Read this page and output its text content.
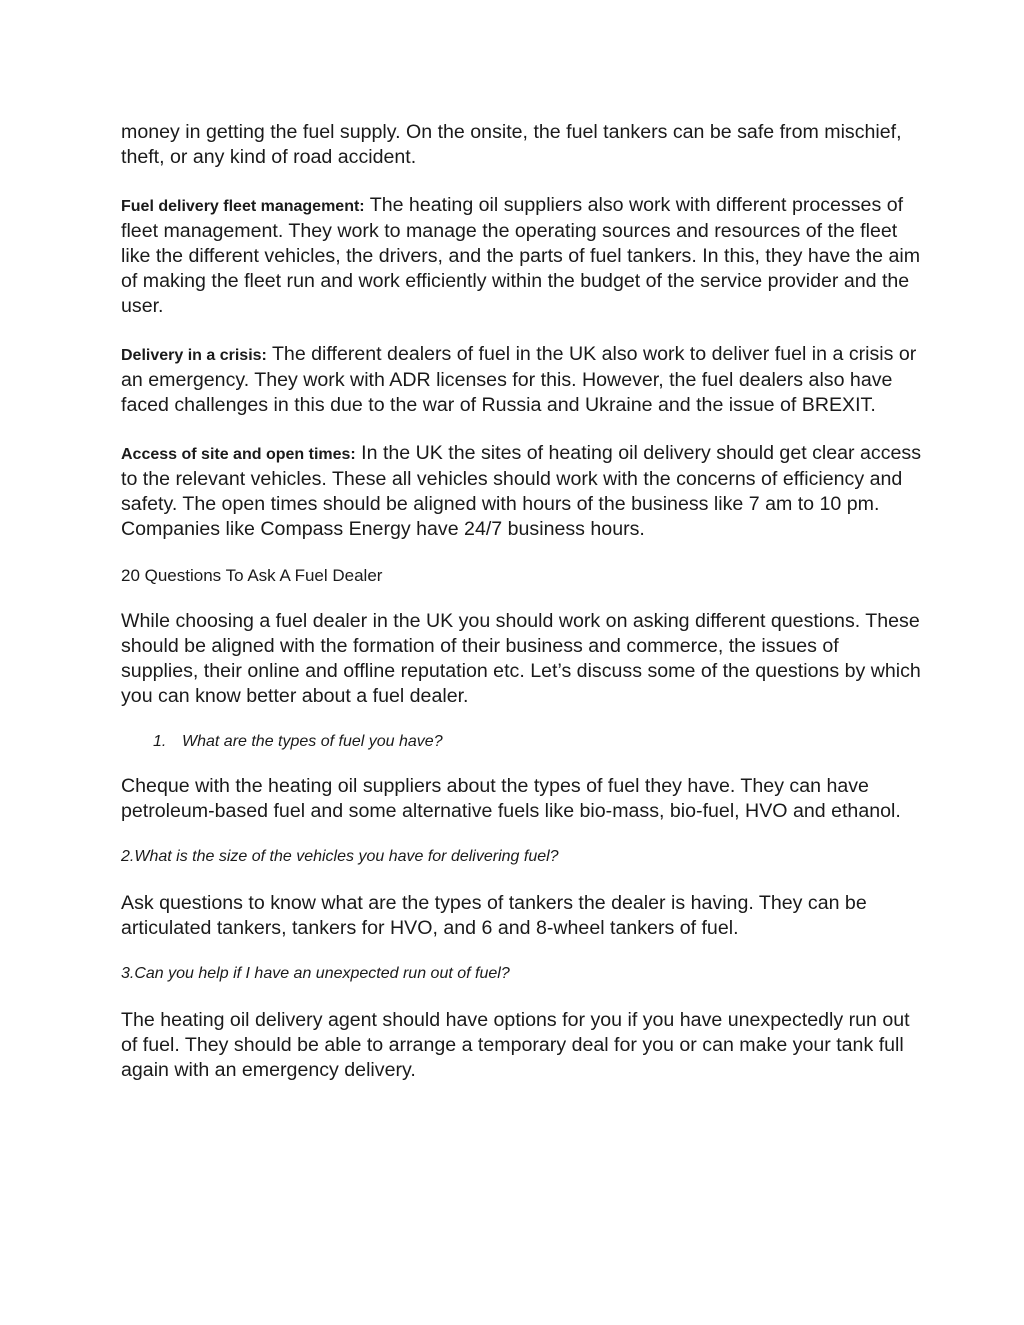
money in getting the fuel supply. On the onsite, the fuel tankers can be safe from mischief, theft, or any kind of road accident.

Fuel delivery fleet management: The heating oil suppliers also work with different processes of fleet management. They work to manage the operating sources and resources of the fleet like the different vehicles, the drivers, and the parts of fuel tankers. In this, they have the aim of making the fleet run and work efficiently within the budget of the service provider and the user.

Delivery in a crisis: The different dealers of fuel in the UK also work to deliver fuel in a crisis or an emergency. They work with ADR licenses for this. However, the fuel dealers also have faced challenges in this due to the war of Russia and Ukraine and the issue of BREXIT.

Access of site and open times: In the UK the sites of heating oil delivery should get clear access to the relevant vehicles. These all vehicles should work with the concerns of efficiency and safety. The open times should be aligned with hours of the business like 7 am to 10 pm. Companies like Compass Energy have 24/7 business hours.

20 Questions To Ask A Fuel Dealer

While choosing a fuel dealer in the UK you should work on asking different questions. These should be aligned with the formation of their business and commerce, the issues of supplies, their online and offline reputation etc. Let’s discuss some of the questions by which you can know better about a fuel dealer.

1. What are the types of fuel you have?

Cheque with the heating oil suppliers about the types of fuel they have. They can have petroleum-based fuel and some alternative fuels like bio-mass, bio-fuel, HVO and ethanol.

2.What is the size of the vehicles you have for delivering fuel?

Ask questions to know what are the types of tankers the dealer is having. They can be articulated tankers, tankers for HVO, and 6 and 8-wheel tankers of fuel.

3.Can you help if I have an unexpected run out of fuel?

The heating oil delivery agent should have options for you if you have unexpectedly run out of fuel. They should be able to arrange a temporary deal for you or can make your tank full again with an emergency delivery.
